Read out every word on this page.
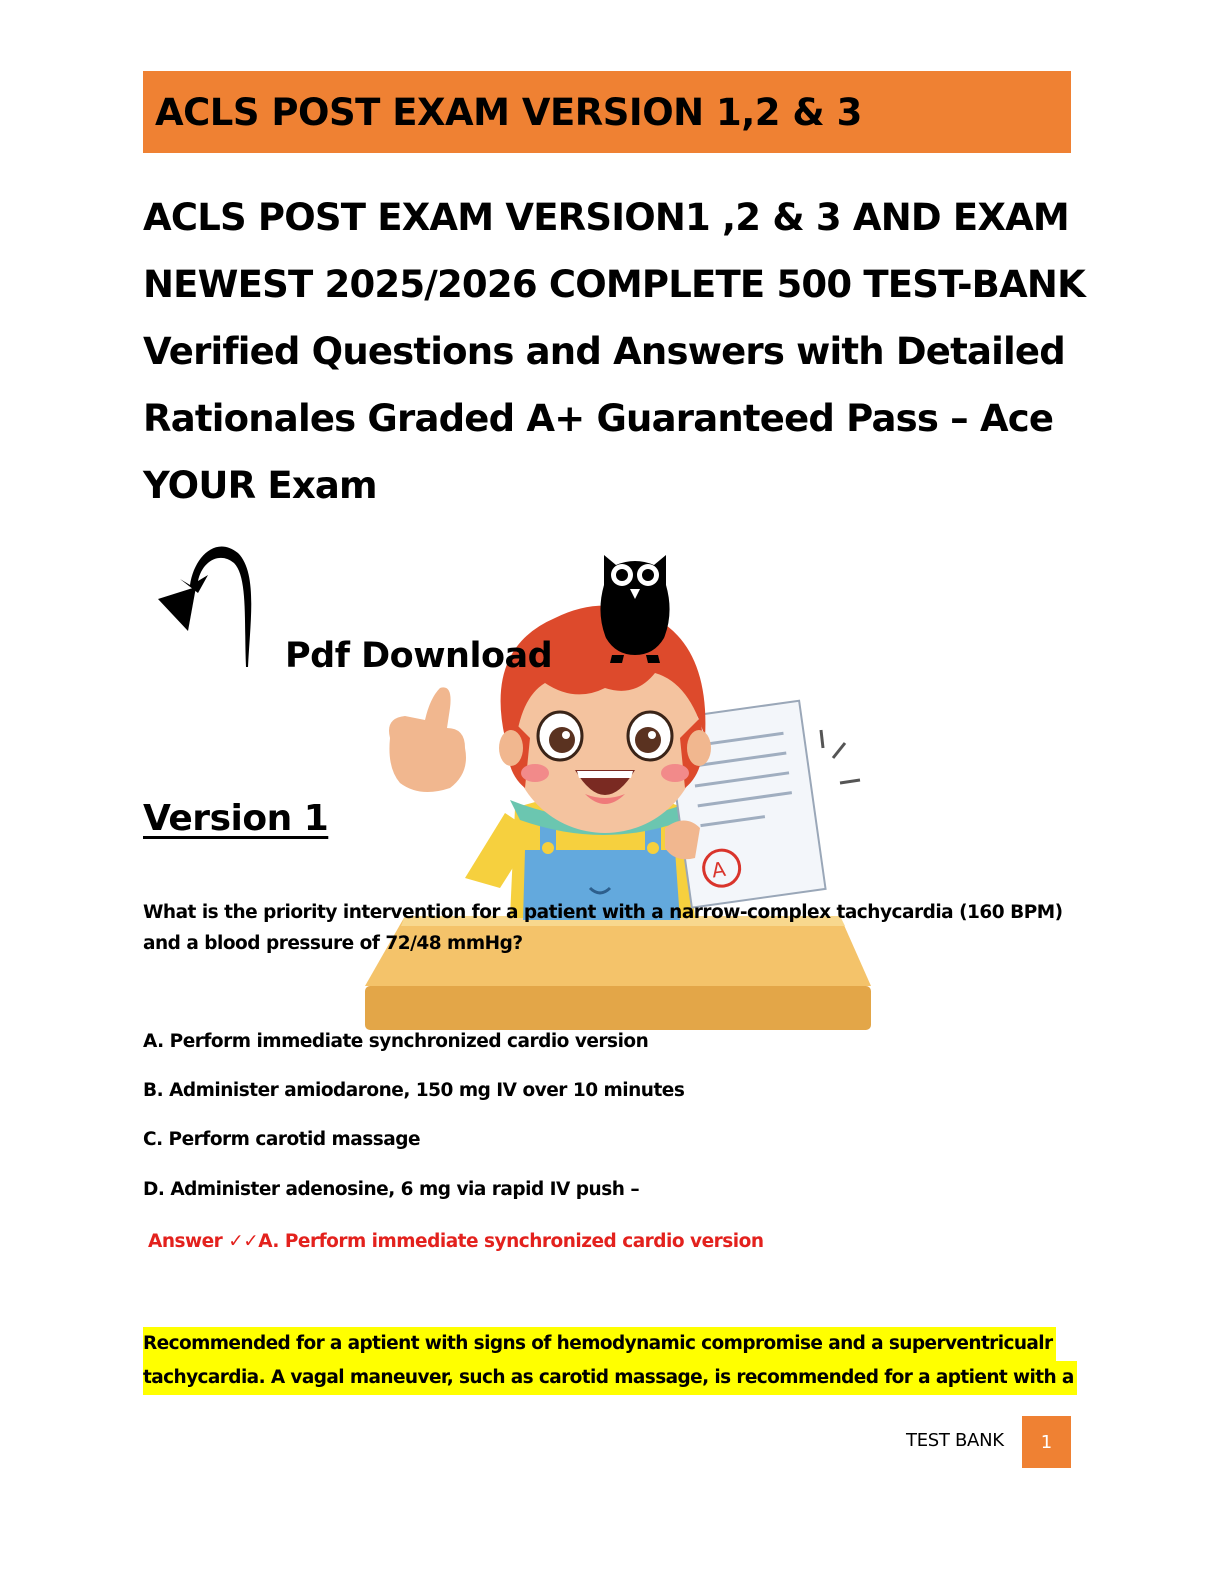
ACLS POST EXAM VERSION 1,2 & 3
ACLS POST EXAM VERSION1 ,2 & 3 AND EXAM
NEWEST 2025/2026 COMPLETE 500 TEST-BANK
Verified Questions and Answers with Detailed
Rationales Graded A+ Guaranteed Pass – Ace
YOUR Exam
A
Pdf Download
Version 1
What is the priority intervention for a patient with a narrow-complex tachycardia (160 BPM)
and a blood pressure of 72/48 mmHg?
A. Perform immediate synchronized cardio version
B. Administer amiodarone, 150 mg IV over 10 minutes
C. Perform carotid massage
D. Administer adenosine, 6 mg via rapid IV push –
Answer ✓✓A. Perform immediate synchronized cardio version
Recommended for a aptient with signs of hemodynamic compromise and a superventricualr
tachycardia. A vagal maneuver, such as carotid massage, is recommended for a aptient with a
TEST BANK	1
